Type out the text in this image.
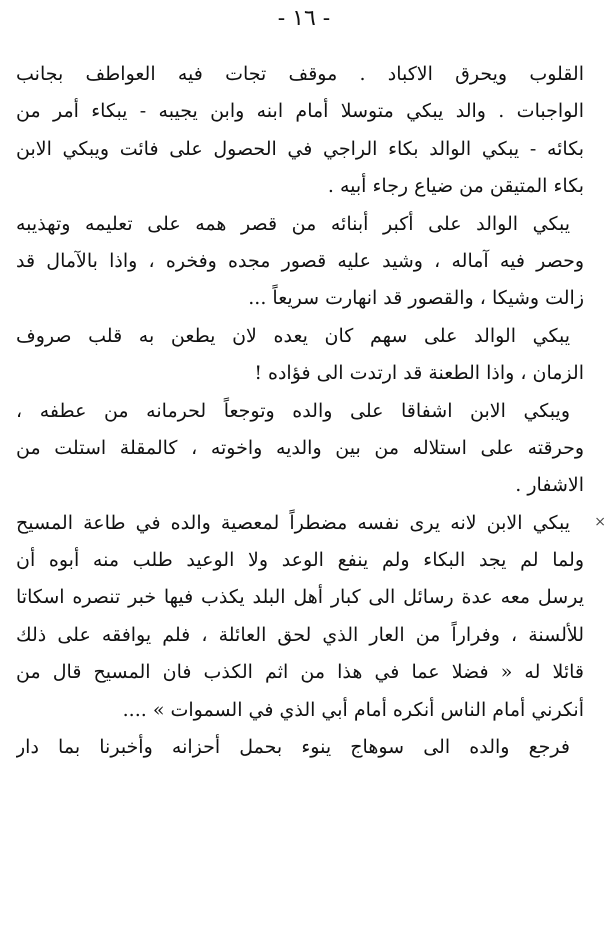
- ١٦ -
القلوب ويحرق الاكباد . موقف تجات فيه العواطف بجانب
الواجبات . والد يبكي متوسلا أمام ابنه وابن يجيبه - يبكاء أمر من
بكائه - يبكي الوالد بكاء الراجي في الحصول على فائت ويبكي الابن
بكاء المتيقن من ضياع رجاء أبيه .
يبكي الوالد على أكبر أبنائه من قصر همه على تعليمه وتهذيبه
وحصر فيه آماله ، وشيد عليه قصور مجده وفخره ، واذا بالآمال قد
زالت وشيكا ، والقصور قد انهارت سريعاً ...
يبكي الوالد على سهم كان يعده لان يطعن به قلب صروف
الزمان ، واذا الطعنة قد ارتدت الى فؤاده !
ويبكي الابن اشفاقا على والده وتوجعاً لحرمانه من عطفه ،
وحرقته على استلاله من بين والديه واخوته ، كالمقلة استلت من
الاشفار .
يبكي الابن لانه يرى نفسه مضطراً لمعصية والده في طاعة المسيح
ولما لم يجد البكاء ولم ينفع الوعد ولا الوعيد طلب منه أبوه أن
يرسل معه عدة رسائل الى كبار أهل البلد يكذب فيها خبر تنصره اسكاتا
للألسنة ، وفراراً من العار الذي لحق العائلة ، فلم يوافقه على ذلك
قائلا له « فضلا عما في هذا من اثم الكذب فان المسيح قال من
أنكرني أمام الناس أنكره أمام أبي الذي في السموات » ....
فرجع والده الى سوهاج ينوء بحمل أحزانه وأخبرنا بما دار
×
